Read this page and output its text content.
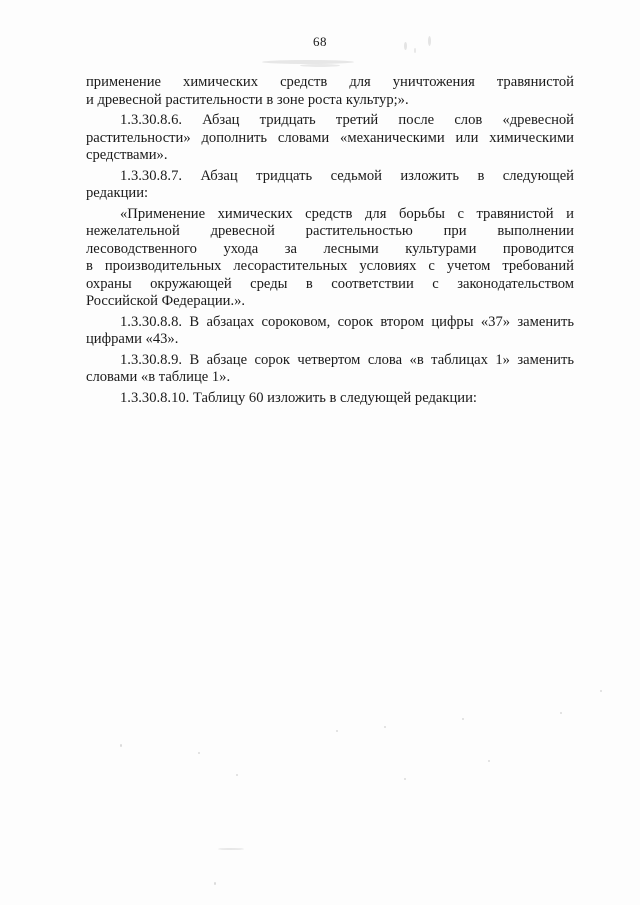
68
применение химических средств для уничтожения травянистой
и древесной растительности в зоне роста культур;».
1.3.30.8.6. Абзац тридцать третий после слов «древесной
растительности» дополнить словами «механическими или химическими
средствами».
1.3.30.8.7. Абзац тридцать седьмой изложить в следующей
редакции:
«Применение химических средств для борьбы с травянистой и
нежелательной древесной растительностью при выполнении
лесоводственного ухода за лесными культурами проводится
в производительных лесорастительных условиях с учетом требований
охраны окружающей среды в соответствии с законодательством
Российской Федерации.».
1.3.30.8.8. В абзацах сороковом, сорок втором цифры «37» заменить
цифрами «43».
1.3.30.8.9. В абзаце сорок четвертом слова «в таблицах 1» заменить
словами «в таблице 1».
1.3.30.8.10. Таблицу 60 изложить в следующей редакции:
